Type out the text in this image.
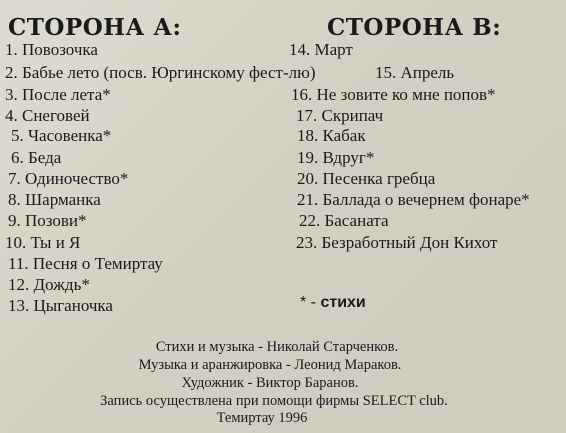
СТОРОНА А:	СТОРОНА В:
1. Повозочка
2. Бабье лето (посв. Юргинскому фест-лю)
3. После лета*
4. Снеговей
5. Часовенка*
6. Беда
7. Одиночество*
8. Шарманка
9. Позови*
10. Ты и Я
11. Песня о Темиртау
12. Дождь*
13. Цыганочка
14. Март
15. Апрель
16. Не зовите ко мне попов*
17. Скрипач
18. Кабак
19. Вдруг*
20. Песенка гребца
21. Баллада о вечернем фонаре*
22. Басаната
23. Безработный Дон Кихот
* - стихи
Стихи и музыка - Николай Старченков.
Музыка и аранжировка - Леонид Мараков.
Художник - Виктор Баранов.
Запись осуществлена при помощи фирмы SELECT club.
Темиртау 1996
